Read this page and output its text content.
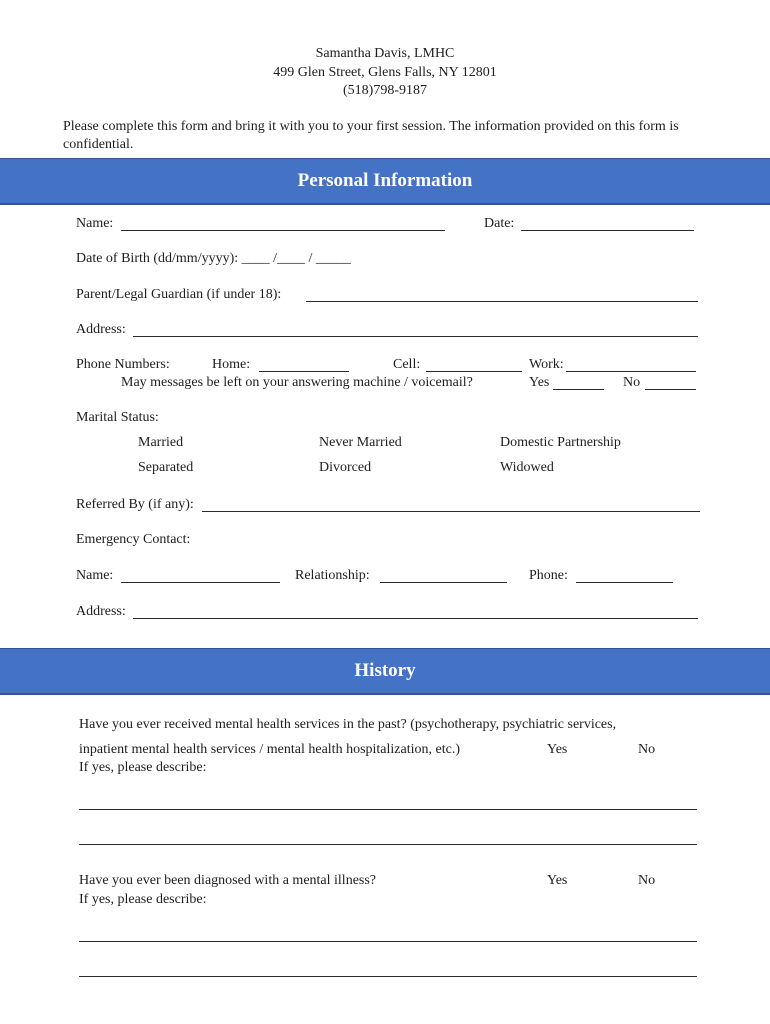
Samantha Davis, LMHC
499 Glen Street, Glens Falls, NY 12801
(518)798-9187
Please complete this form and bring it with you to your first session. The information provided on this form is confidential.
Personal Information
Name:	Date:
Date of Birth (dd/mm/yyyy): ____ /____ / _____
Parent/Legal Guardian (if under 18):
Address:
Phone Numbers:	Home:	Cell:	Work:
May messages be left on your answering machine / voicemail?	Yes	No
Marital Status:
Married	Never Married	Domestic Partnership
Separated	Divorced	Widowed
Referred By (if any):
Emergency Contact:
Name:	Relationship:	Phone:
Address:
History
Have you ever received mental health services in the past? (psychotherapy, psychiatric services,
inpatient mental health services / mental health hospitalization, etc.)	Yes	No
If yes, please describe:
Have you ever been diagnosed with a mental illness?	Yes	No
If yes, please describe:
